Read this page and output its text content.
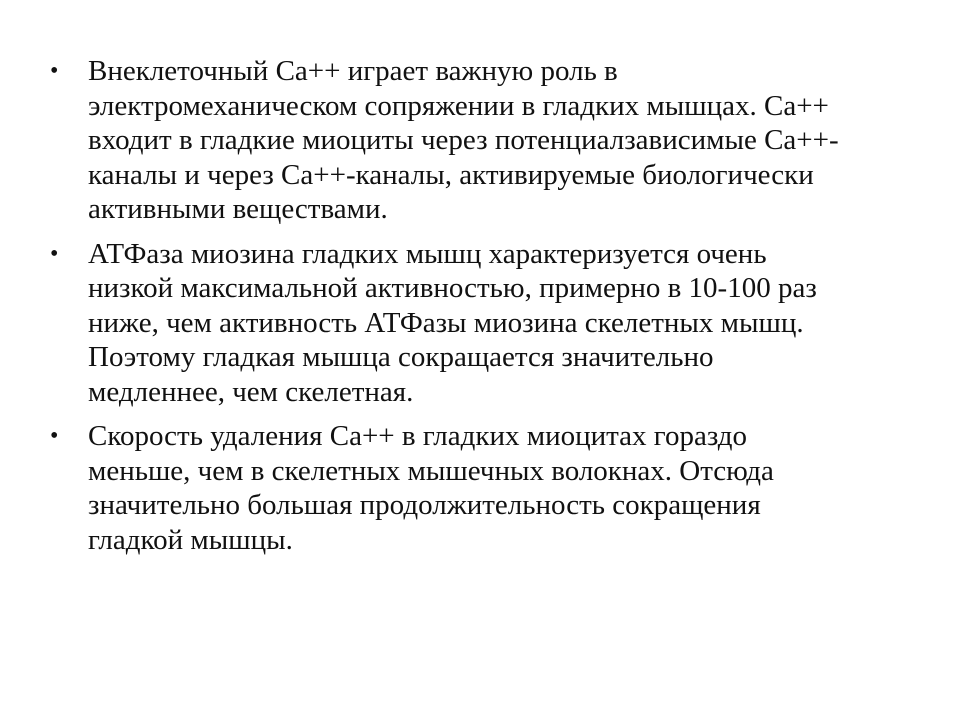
•	Внеклеточный Са++ играет важную роль в
электромеханическом сопряжении в гладких мышцах. Са++
входит в гладкие миоциты через потенциалзависимые Са++-
каналы и через Са++-каналы, активируемые биологически
активными веществами.
•	АТФаза миозина гладких мышц характеризуется очень
низкой максимальной активностью, примерно в 10-100 раз
ниже, чем активность АТФазы миозина скелетных мышц.
Поэтому гладкая мышца сокращается значительно
медленнее, чем скелетная.
•	Скорость удаления Са++ в гладких миоцитах гораздо
меньше, чем в скелетных мышечных волокнах. Отсюда
значительно большая продолжительность сокращения
гладкой мышцы.
